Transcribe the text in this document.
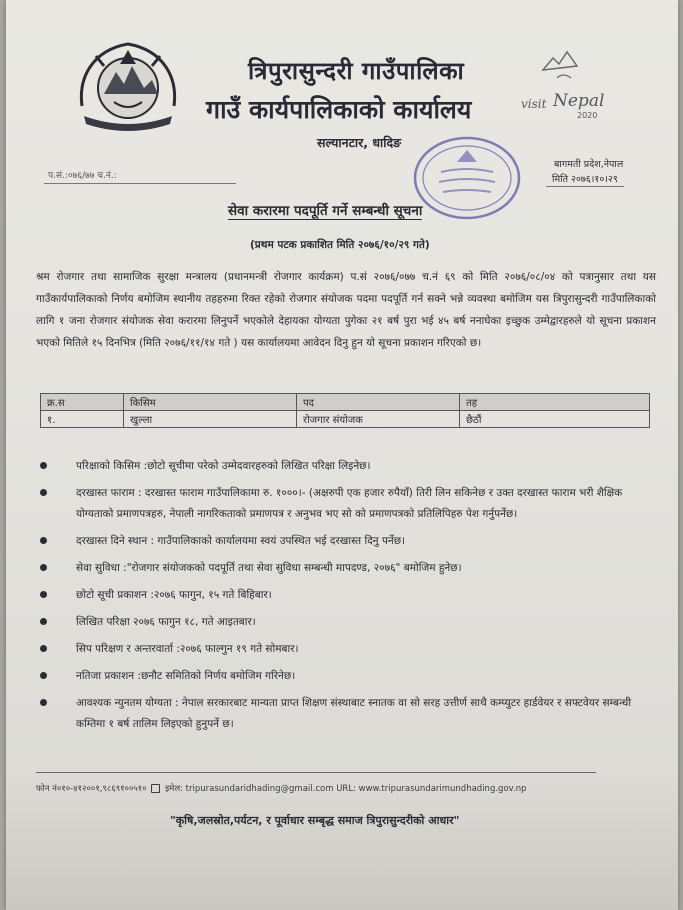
त्रिपुरासुन्दरी गाउँपालिका
गाउँ कार्यपालिकाको कार्यालय
सल्यानटार, धादिङ
visit Nepal
2020
प.सं.:०७६/७७ च.नं.:
बागमती प्रदेश,नेपाल
मिति २०७६।१०।२९
सेवा करारमा पदपूर्ति गर्ने सम्बन्धी सूचना
(प्रथम पटक प्रकाशित मिति २०७६/१०/२९ गते)
श्रम रोजगार तथा सामाजिक सुरक्षा मन्त्रालय (प्रधानमन्त्री रोजगार कार्यक्रम) प.सं २०७६/०७७ च.नं ६९ को मिति २०७६/०८/०४ को पत्रानुसार तथा यस गाउँकार्यपालिकाको निर्णय बमोजिम स्थानीय तहहरुमा रिक्त रहेको रोजगार संयोजक पदमा पदपूर्ति गर्न सक्ने भन्ने व्यवस्था बमोजिम यस त्रिपुरासुन्दरी गाउँपालिकाको लागि १ जना रोजगार संयोजक सेवा करारमा लिनुपर्ने भएकोले देहायका योग्यता पुगेका २१ बर्ष पुरा भई ४५ बर्ष ननाघेका इच्छुक उम्मेद्वारहरुले यो सूचना प्रकाशन भएको मितिले १५ दिनभित्र (मिति २०७६/११/१४ गते ) यस कार्यालयमा आवेदन दिनु हुन यो सूचना प्रकाशन गरिएको छ।
क्र.स	किसिम	पद	तह
१.	खुल्ला	रोजगार संयोजक	छैठौं
परिक्षाको किसिम :छोटो सूचीमा परेको उम्मेदवारहरुको लिखित परिक्षा लिइनेछ।
दरखास्त फाराम : दरखास्त फाराम गाउँपालिकामा रु. १०००।- (अक्षरुपी एक हजार रुपैयाँ) तिरी लिन सकिनेछ र उक्त दरखास्त फाराम भरी शैक्षिक योग्यताको प्रमाणपत्रहरु, नेपाली नागरिकताको प्रमाणपत्र र अनुभव भए सो को प्रमाणपत्रको प्रतिलिपिहरु पेश गर्नुपर्नेछ।
दरखास्त दिने स्थान : गाउँपालिकाको कार्यालयमा स्वयं उपस्थित भई दरखास्त दिनु पर्नेछ।
सेवा सुविधा :"रोजगार संयोजकको पदपूर्ति तथा सेवा सुविधा सम्बन्धी मापदण्ड, २०७६" बमोजिम हुनेछ।
छोटो सूची प्रकाशन :२०७६ फागुन, १५ गते बिहिबार।
लिखित परिक्षा २०७६ फागुन १८, गते आइतबार।
सिप परिक्षण र अन्तरवार्ता :२०७६ फाल्गुन १९ गते सोमबार।
नतिजा प्रकाशन :छनौट समितिको निर्णय बमोजिम गरिनेछ।
आवश्यक न्युनतम योग्यता : नेपाल सरकारबाट मान्यता प्राप्त शिक्षण संस्थाबाट स्नातक वा सो सरह उत्तीर्ण साथै कम्प्युटर हार्डवेयर र सफ्टवेयर सम्बन्धी कम्तिमा १ बर्ष तालिम लिइएको हुनुपर्ने छ।
फोन नं०१०-४१२००१,९८६९१००५१० इमेल: tripurasundaridhading@gmail.com URL: www.tripurasundarimundhading.gov.np
"कृषि,जलस्रोत,पर्यटन, र पूर्वाधार सम्बृद्ध समाज त्रिपुरासुन्दरीको आधार"
